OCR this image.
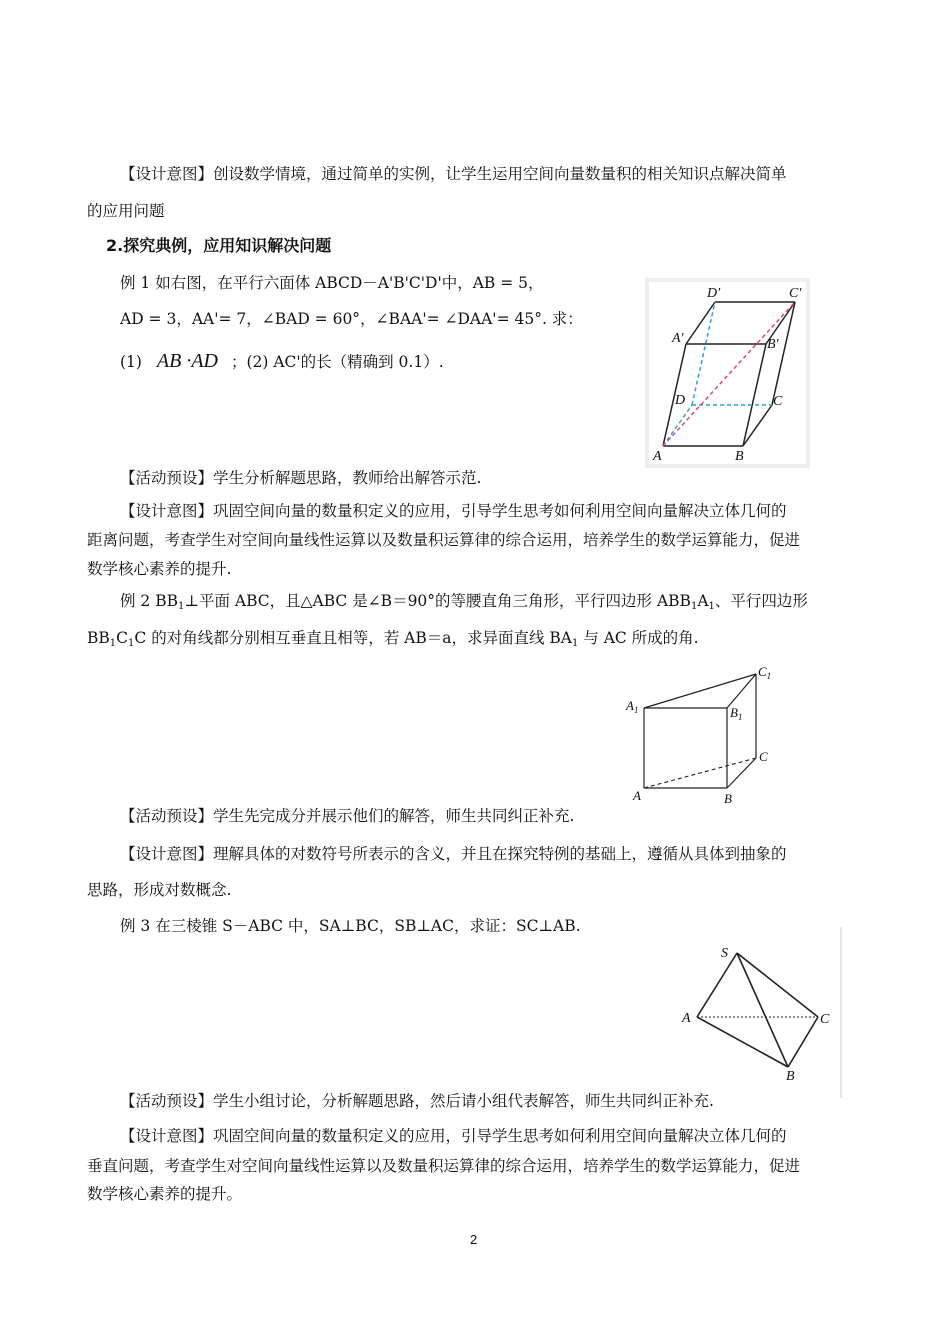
【设计意图】创设数学情境，通过简单的实例，让学生运用空间向量数量积的相关知识点解决简单
的应用问题
2.探究典例，应用知识解决问题
例 1 如右图，在平行六面体 ABCD－A'B'C'D'中，AB = 5，
AD = 3，AA'= 7，∠BAD = 60°，∠BAA'= ∠DAA'= 45°. 求：
(1) AB ·AD ；(2) AC'的长（精确到 0.1）.
D′	C′
A′	B′
D	C
A	B
【活动预设】学生分析解题思路，教师给出解答示范.
【设计意图】巩固空间向量的数量积定义的应用，引导学生思考如何利用空间向量解决立体几何的
距离问题，考查学生对空间向量线性运算以及数量积运算律的综合运用，培养学生的数学运算能力，促进
数学核心素养的提升.
例 2 $BB_1\perp$平面 ABC，且△ABC 是∠B＝90°的等腰直角三角形，平行四边形 $ABB_1A_1$、平行四边形
$BB_1C_1C$ 的对角线都分别相互垂直且相等，若 AB＝a，求异面直线 $BA_1$ 与 AC 所成的角.
$C_1$
$A_1$	$B_1$
C
A	B
【活动预设】学生先完成分并展示他们的解答，师生共同纠正补充.
【设计意图】理解具体的对数符号所表示的含义，并且在探究特例的基础上，遵循从具体到抽象的
思路，形成对数概念.
例 3 在三棱锥 S－ABC 中，SA⊥BC，SB⊥AC，求证：SC⊥AB.
S
A	C
B
【活动预设】学生小组讨论，分析解题思路，然后请小组代表解答，师生共同纠正补充.
【设计意图】巩固空间向量的数量积定义的应用，引导学生思考如何利用空间向量解决立体几何的
垂直问题，考查学生对空间向量线性运算以及数量积运算律的综合运用，培养学生的数学运算能力，促进
数学核心素养的提升。
2
